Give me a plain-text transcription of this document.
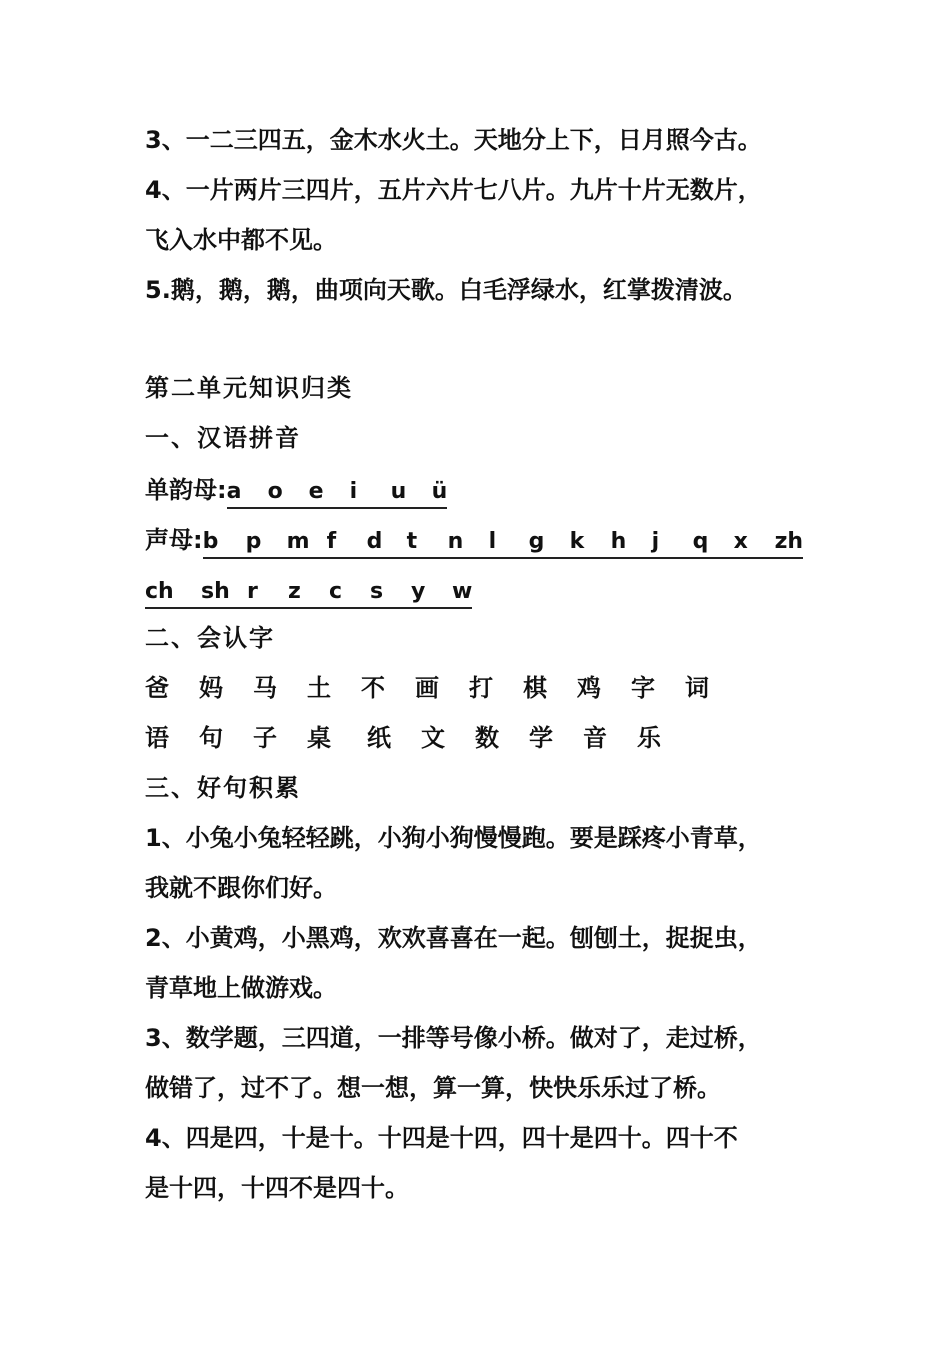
3、一二三四五，金木水火土。天地分上下，日月照今古。
4、一片两片三四片，五片六片七八片。九片十片无数片，
飞入水中都不见。
5.鹅，鹅，鹅，曲项向天歌。白毛浮绿水，红掌拨清波。
第二单元知识归类
一、汉语拼音
单韵母: a	o	e	i	u	ü
声母: b	p	m f	d	t	n	l	g	k	h	j	q	x	zh
ch	sh r	z	c	s	y	w
二、会认字
爸	妈	马	土	不	画	打	棋	鸡	字	词
语	句	子	桌	纸	文	数	学	音	乐
三、好句积累
1、小兔小兔轻轻跳，小狗小狗慢慢跑。要是踩疼小青草，
我就不跟你们好。
2、小黄鸡，小黑鸡，欢欢喜喜在一起。刨刨土，捉捉虫，
青草地上做游戏。
3、数学题，三四道，一排等号像小桥。做对了，走过桥，
做错了，过不了。想一想，算一算，快快乐乐过了桥。
4、四是四，十是十。十四是十四，四十是四十。四十不
是十四，十四不是四十。
